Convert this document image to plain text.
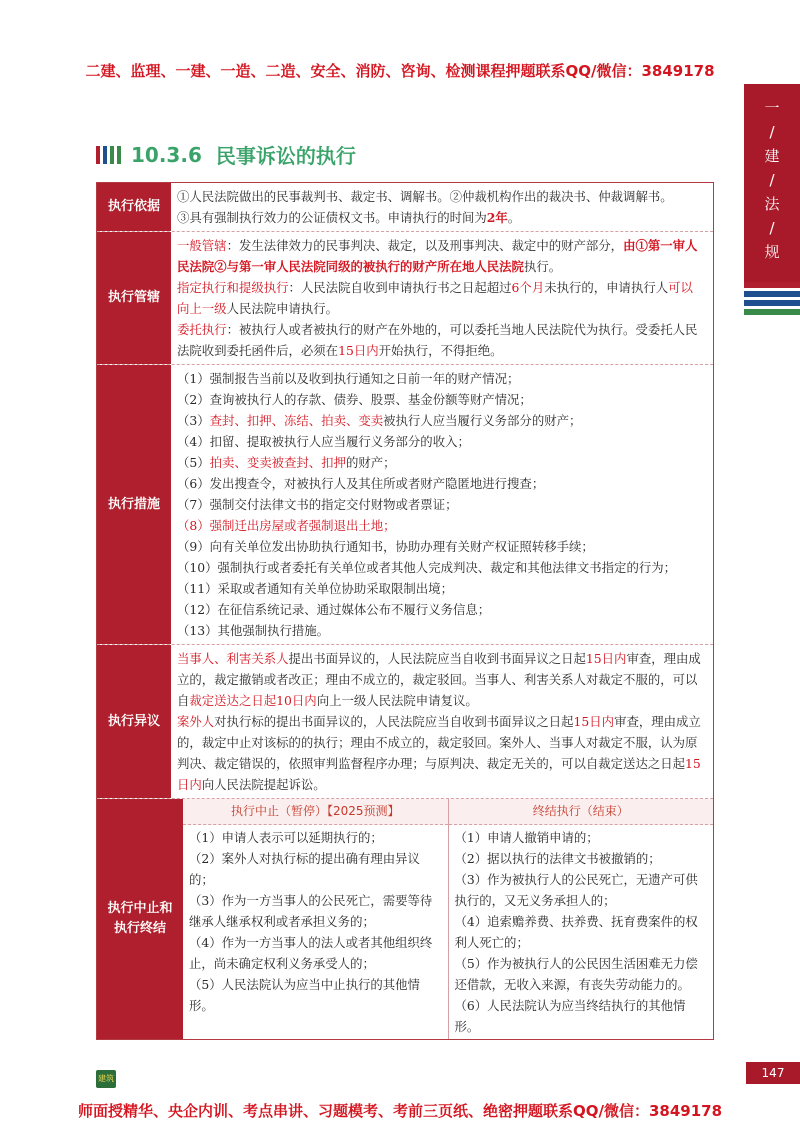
二建、监理、一建、一造、二造、安全、消防、咨询、检测课程押题联系QQ/微信：3849178
一
/
建
/
法
/
规
10.3.6 民事诉讼的执行
执行依据

①人民法院做出的民事裁判书、裁定书、调解书。②仲裁机构作出的裁决书、仲裁调解书。

③具有强制执行效力的公证债权文书。申请执行的时间为2年。

执行管辖

一般管辖：发生法律效力的民事判决、裁定，以及刑事判决、裁定中的财产部分，由①第一审人民法院②与第一审人民法院同级的被执行的财产所在地人民法院执行。

指定执行和提级执行：人民法院自收到申请执行书之日起超过6个月未执行的，申请执行人可以向上一级人民法院申请执行。

委托执行：被执行人或者被执行的财产在外地的，可以委托当地人民法院代为执行。受委托人民法院收到委托函件后，必须在15日内开始执行，不得拒绝。

执行措施

（1）强制报告当前以及收到执行通知之日前一年的财产情况；

（2）查询被执行人的存款、债券、股票、基金份额等财产情况；

（3）查封、扣押、冻结、拍卖、变卖被执行人应当履行义务部分的财产；

（4）扣留、提取被执行人应当履行义务部分的收入；

（5）拍卖、变卖被查封、扣押的财产；

（6）发出搜查令，对被执行人及其住所或者财产隐匿地进行搜查；

（7）强制交付法律文书的指定交付财物或者票证；

（8）强制迁出房屋或者强制退出土地；

（9）向有关单位发出协助执行通知书，协助办理有关财产权证照转移手续；

（10）强制执行或者委托有关单位或者其他人完成判决、裁定和其他法律文书指定的行为；

（11）采取或者通知有关单位协助采取限制出境；

（12）在征信系统记录、通过媒体公布不履行义务信息；

（13）其他强制执行措施。

执行异议

当事人、利害关系人提出书面异议的，人民法院应当自收到书面异议之日起15日内审查，理由成立的，裁定撤销或者改正；理由不成立的，裁定驳回。当事人、利害关系人对裁定不服的，可以自裁定送达之日起10日内向上一级人民法院申请复议。

案外人对执行标的提出书面异议的，人民法院应当自收到书面异议之日起15日内审查，理由成立的，裁定中止对该标的的执行；理由不成立的，裁定驳回。案外人、当事人对裁定不服，认为原判决、裁定错误的，依照审判监督程序办理；与原判决、裁定无关的，可以自裁定送达之日起15日内向人民法院提起诉讼。

执行中止和执行终结
执行中止（暂停）【2025预测】

（1）申请人表示可以延期执行的；

（2）案外人对执行标的提出确有理由异议的；

（3）作为一方当事人的公民死亡，需要等待继承人继承权利或者承担义务的；

（4）作为一方当事人的法人或者其他组织终止，尚未确定权利义务承受人的；

（5）人民法院认为应当中止执行的其他情形。

终结执行（结束）

（1）申请人撤销申请的；

（2）据以执行的法律文书被撤销的；

（3）作为被执行人的公民死亡，无遗产可供执行的，又无义务承担人的；

（4）追索赡养费、扶养费、抚育费案件的权利人死亡的；

（5）作为被执行人的公民因生活困难无力偿还借款，无收入来源，有丧失劳动能力的。

（6）人民法院认为应当终结执行的其他情形。

建筑	147
师面授精华、央企内训、考点串讲、习题模考、考前三页纸、绝密押题联系QQ/微信：3849178
